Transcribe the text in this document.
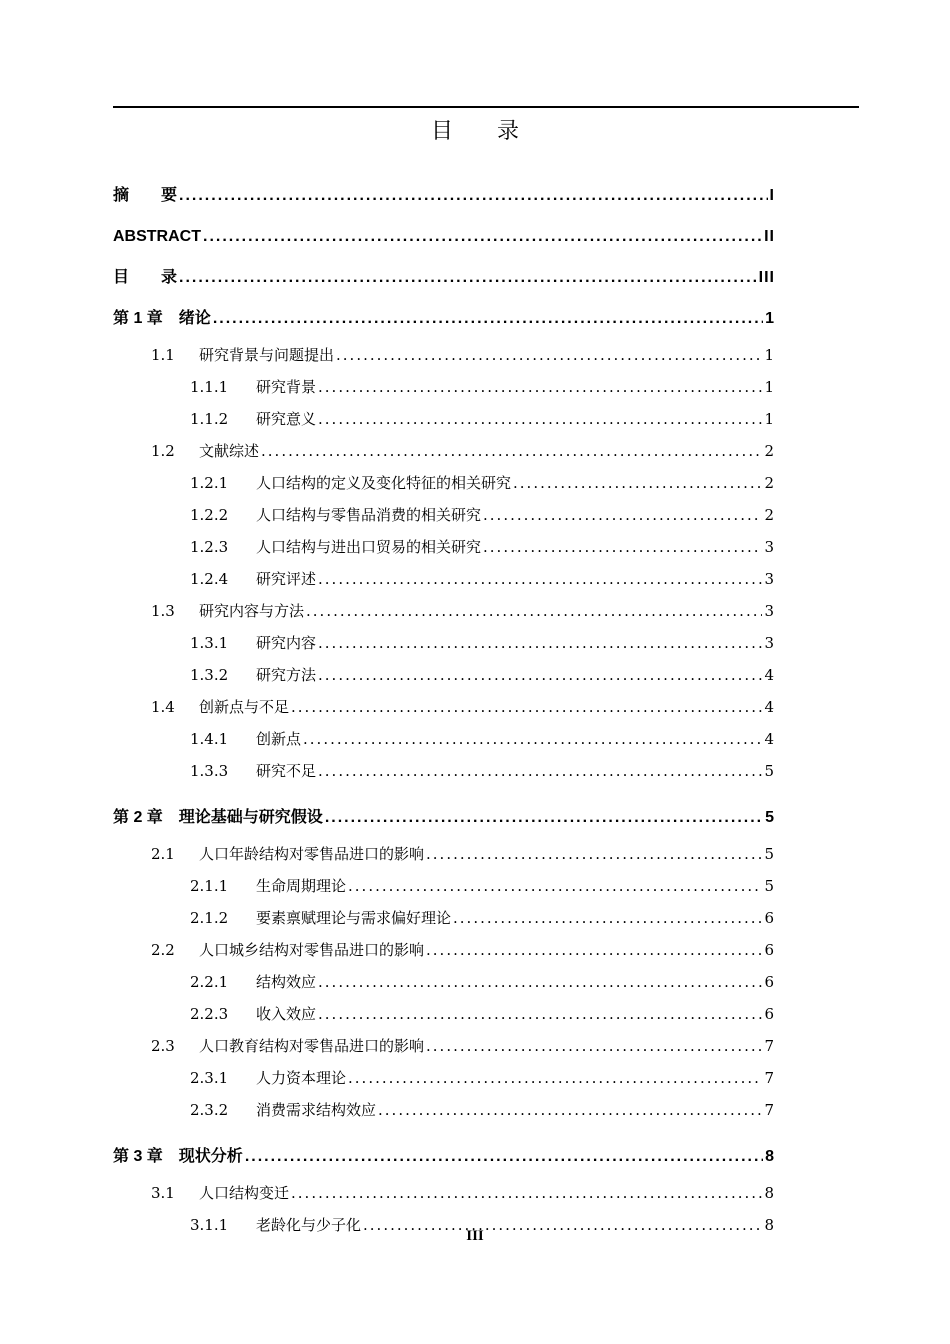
目　　录
摘　　要 .....	I
ABSTRACT .....	II
目　　录 .....	III
第 1 章  绪论 .....	1
1.1 研究背景与问题提出 .....	1
1.1.1 研究背景 .....	1
1.1.2 研究意义 .....	1
1.2 文献综述 .....	2
1.2.1 人口结构的定义及变化特征的相关研究 .....	2
1.2.2 人口结构与零售品消费的相关研究 .....	2
1.2.3 人口结构与进出口贸易的相关研究 .....	3
1.2.4 研究评述 .....	3
1.3 研究内容与方法 .....	3
1.3.1 研究内容 .....	3
1.3.2 研究方法 .....	4
1.4 创新点与不足 .....	4
1.4.1 创新点 .....	4
1.3.3 研究不足 .....	5
第 2 章  理论基础与研究假设 .....	5
2.1 人口年龄结构对零售品进口的影响 .....	5
2.1.1 生命周期理论 .....	5
2.1.2 要素禀赋理论与需求偏好理论 .....	6
2.2 人口城乡结构对零售品进口的影响 .....	6
2.2.1 结构效应 .....	6
2.2.3 收入效应 .....	6
2.3 人口教育结构对零售品进口的影响 .....	7
2.3.1 人力资本理论 .....	7
2.3.2 消费需求结构效应 .....	7
第 3 章  现状分析 .....	8
3.1 人口结构变迁 .....	8
3.1.1 老龄化与少子化 .....	8
III
